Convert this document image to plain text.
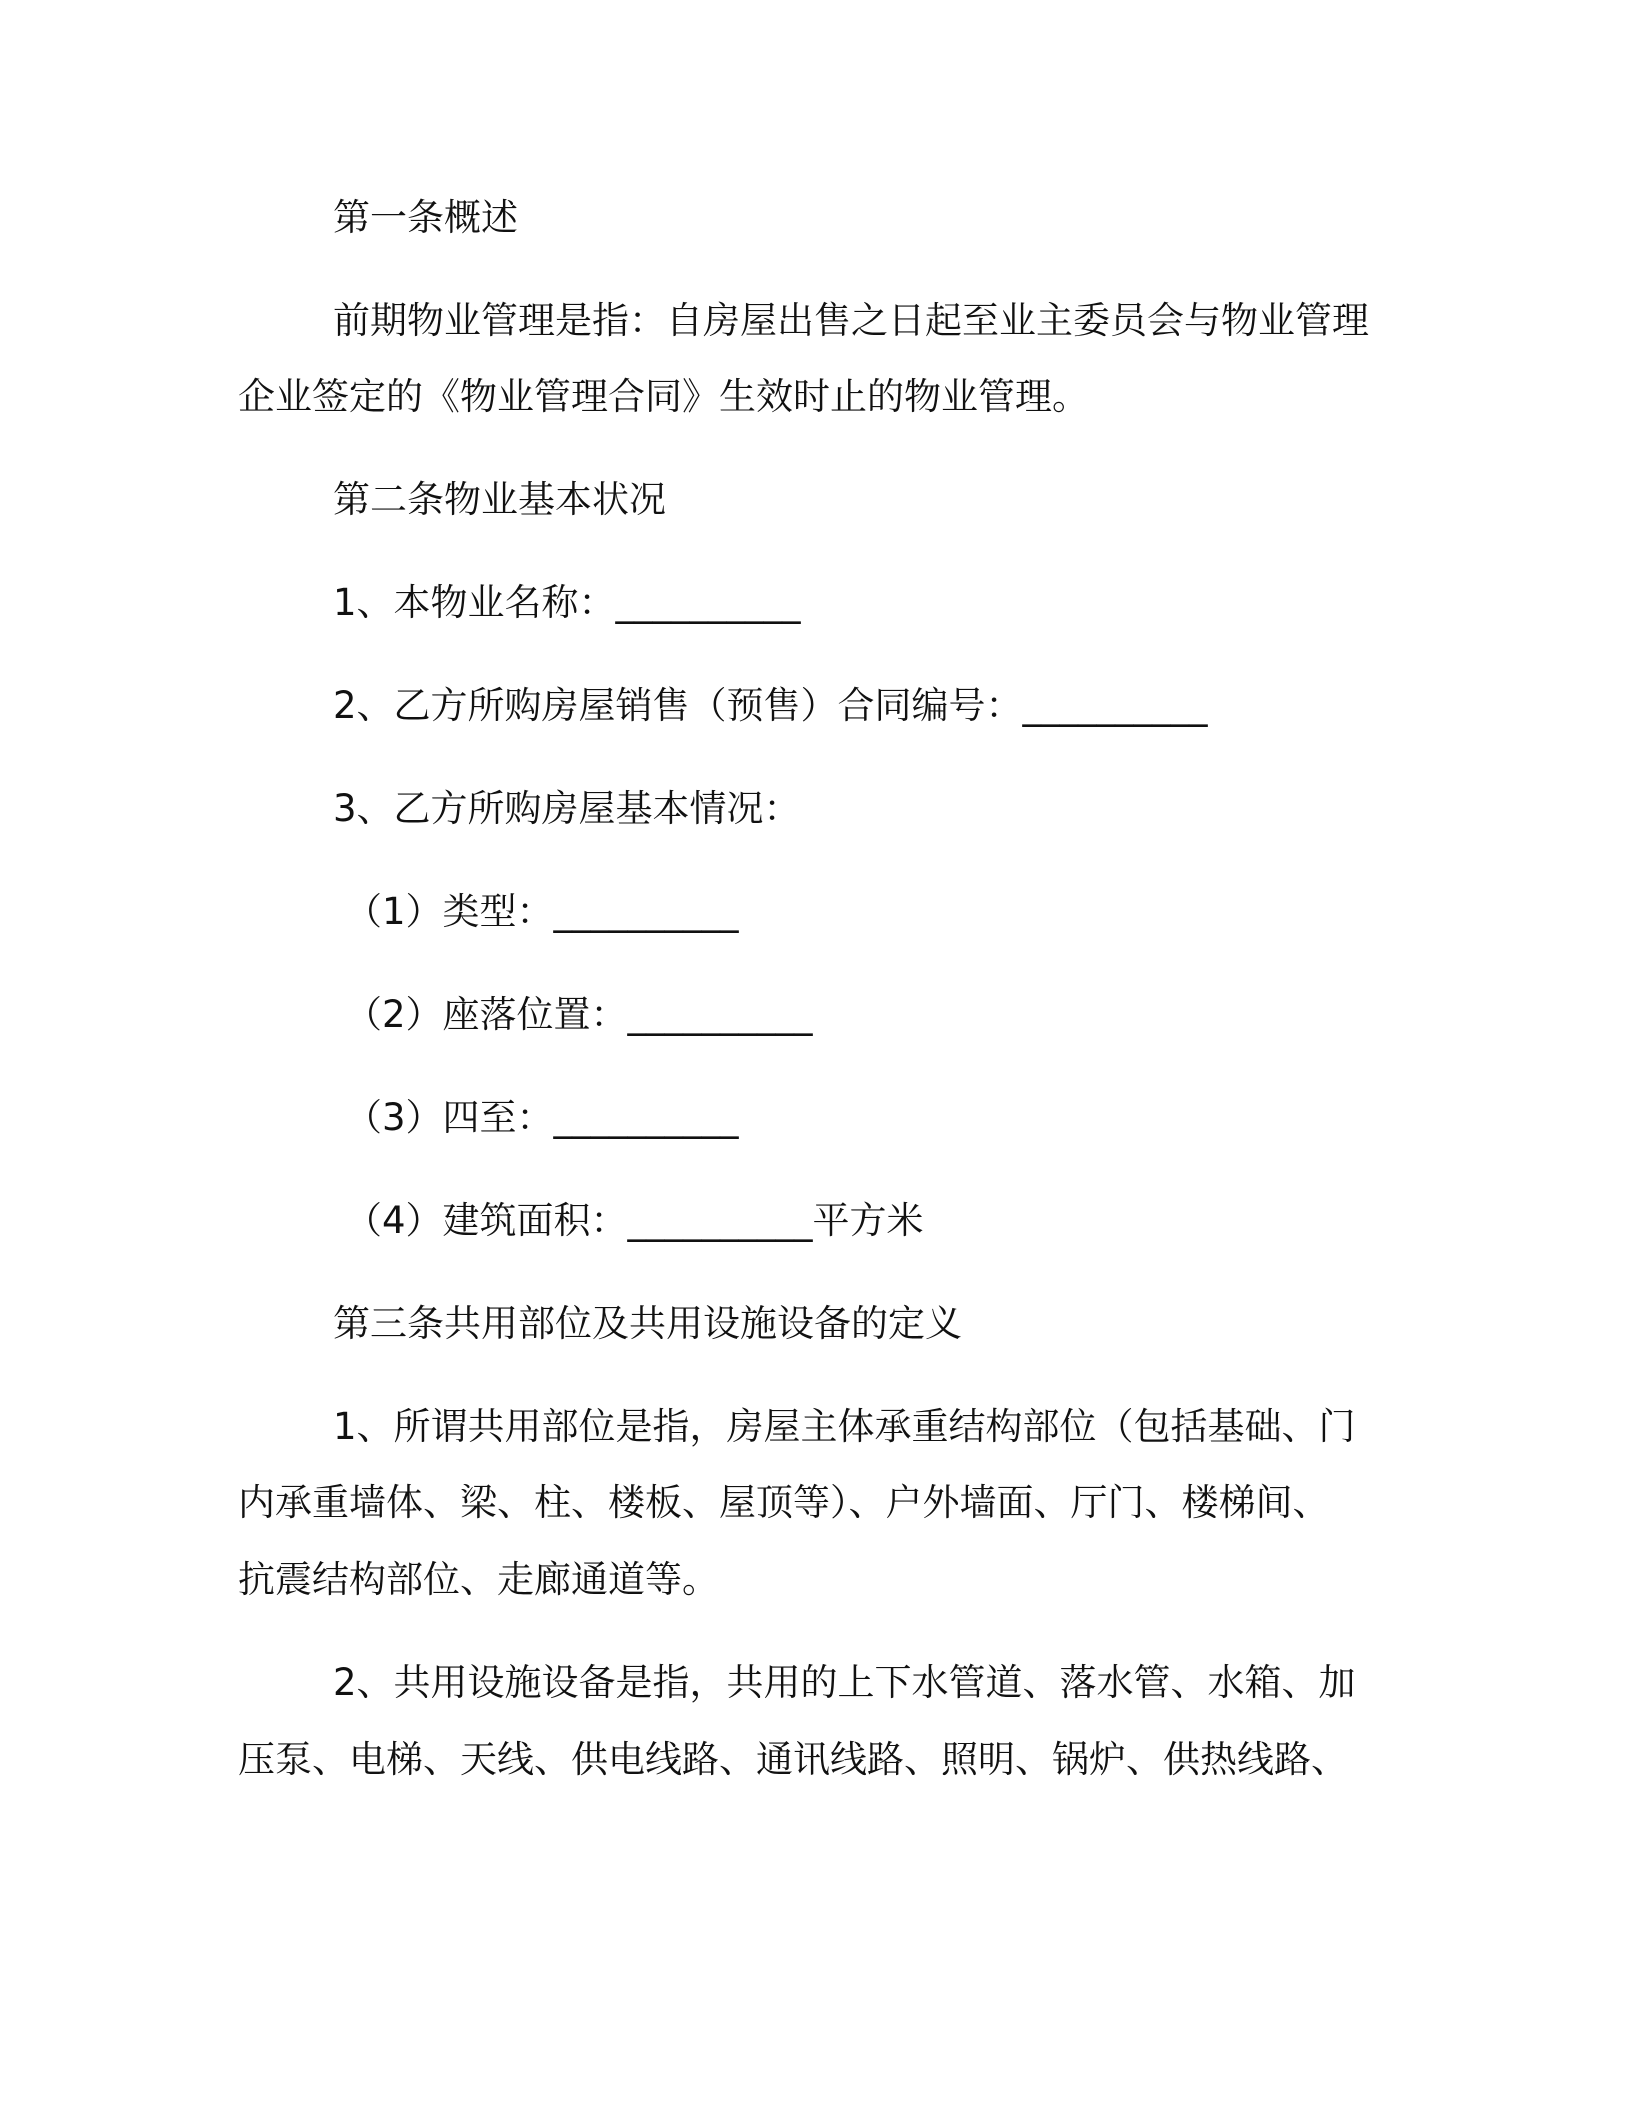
第一条概述
前期物业管理是指：自房屋出售之日起至业主委员会与物业管理
企业签定的《物业管理合同》生效时止的物业管理。
第二条物业基本状况
1、本物业名称：__________
2、乙方所购房屋销售（预售）合同编号：__________
3、乙方所购房屋基本情况：
（1）类型：__________
（2）座落位置：__________
（3）四至：__________
（4）建筑面积：__________平方米
第三条共用部位及共用设施设备的定义
1、所谓共用部位是指，房屋主体承重结构部位（包括基础、门
内承重墙体、梁、柱、楼板、屋顶等）、户外墙面、厅门、楼梯间、
抗震结构部位、走廊通道等。
2、共用设施设备是指，共用的上下水管道、落水管、水箱、加
压泵、电梯、天线、供电线路、通讯线路、照明、锅炉、供热线路、
